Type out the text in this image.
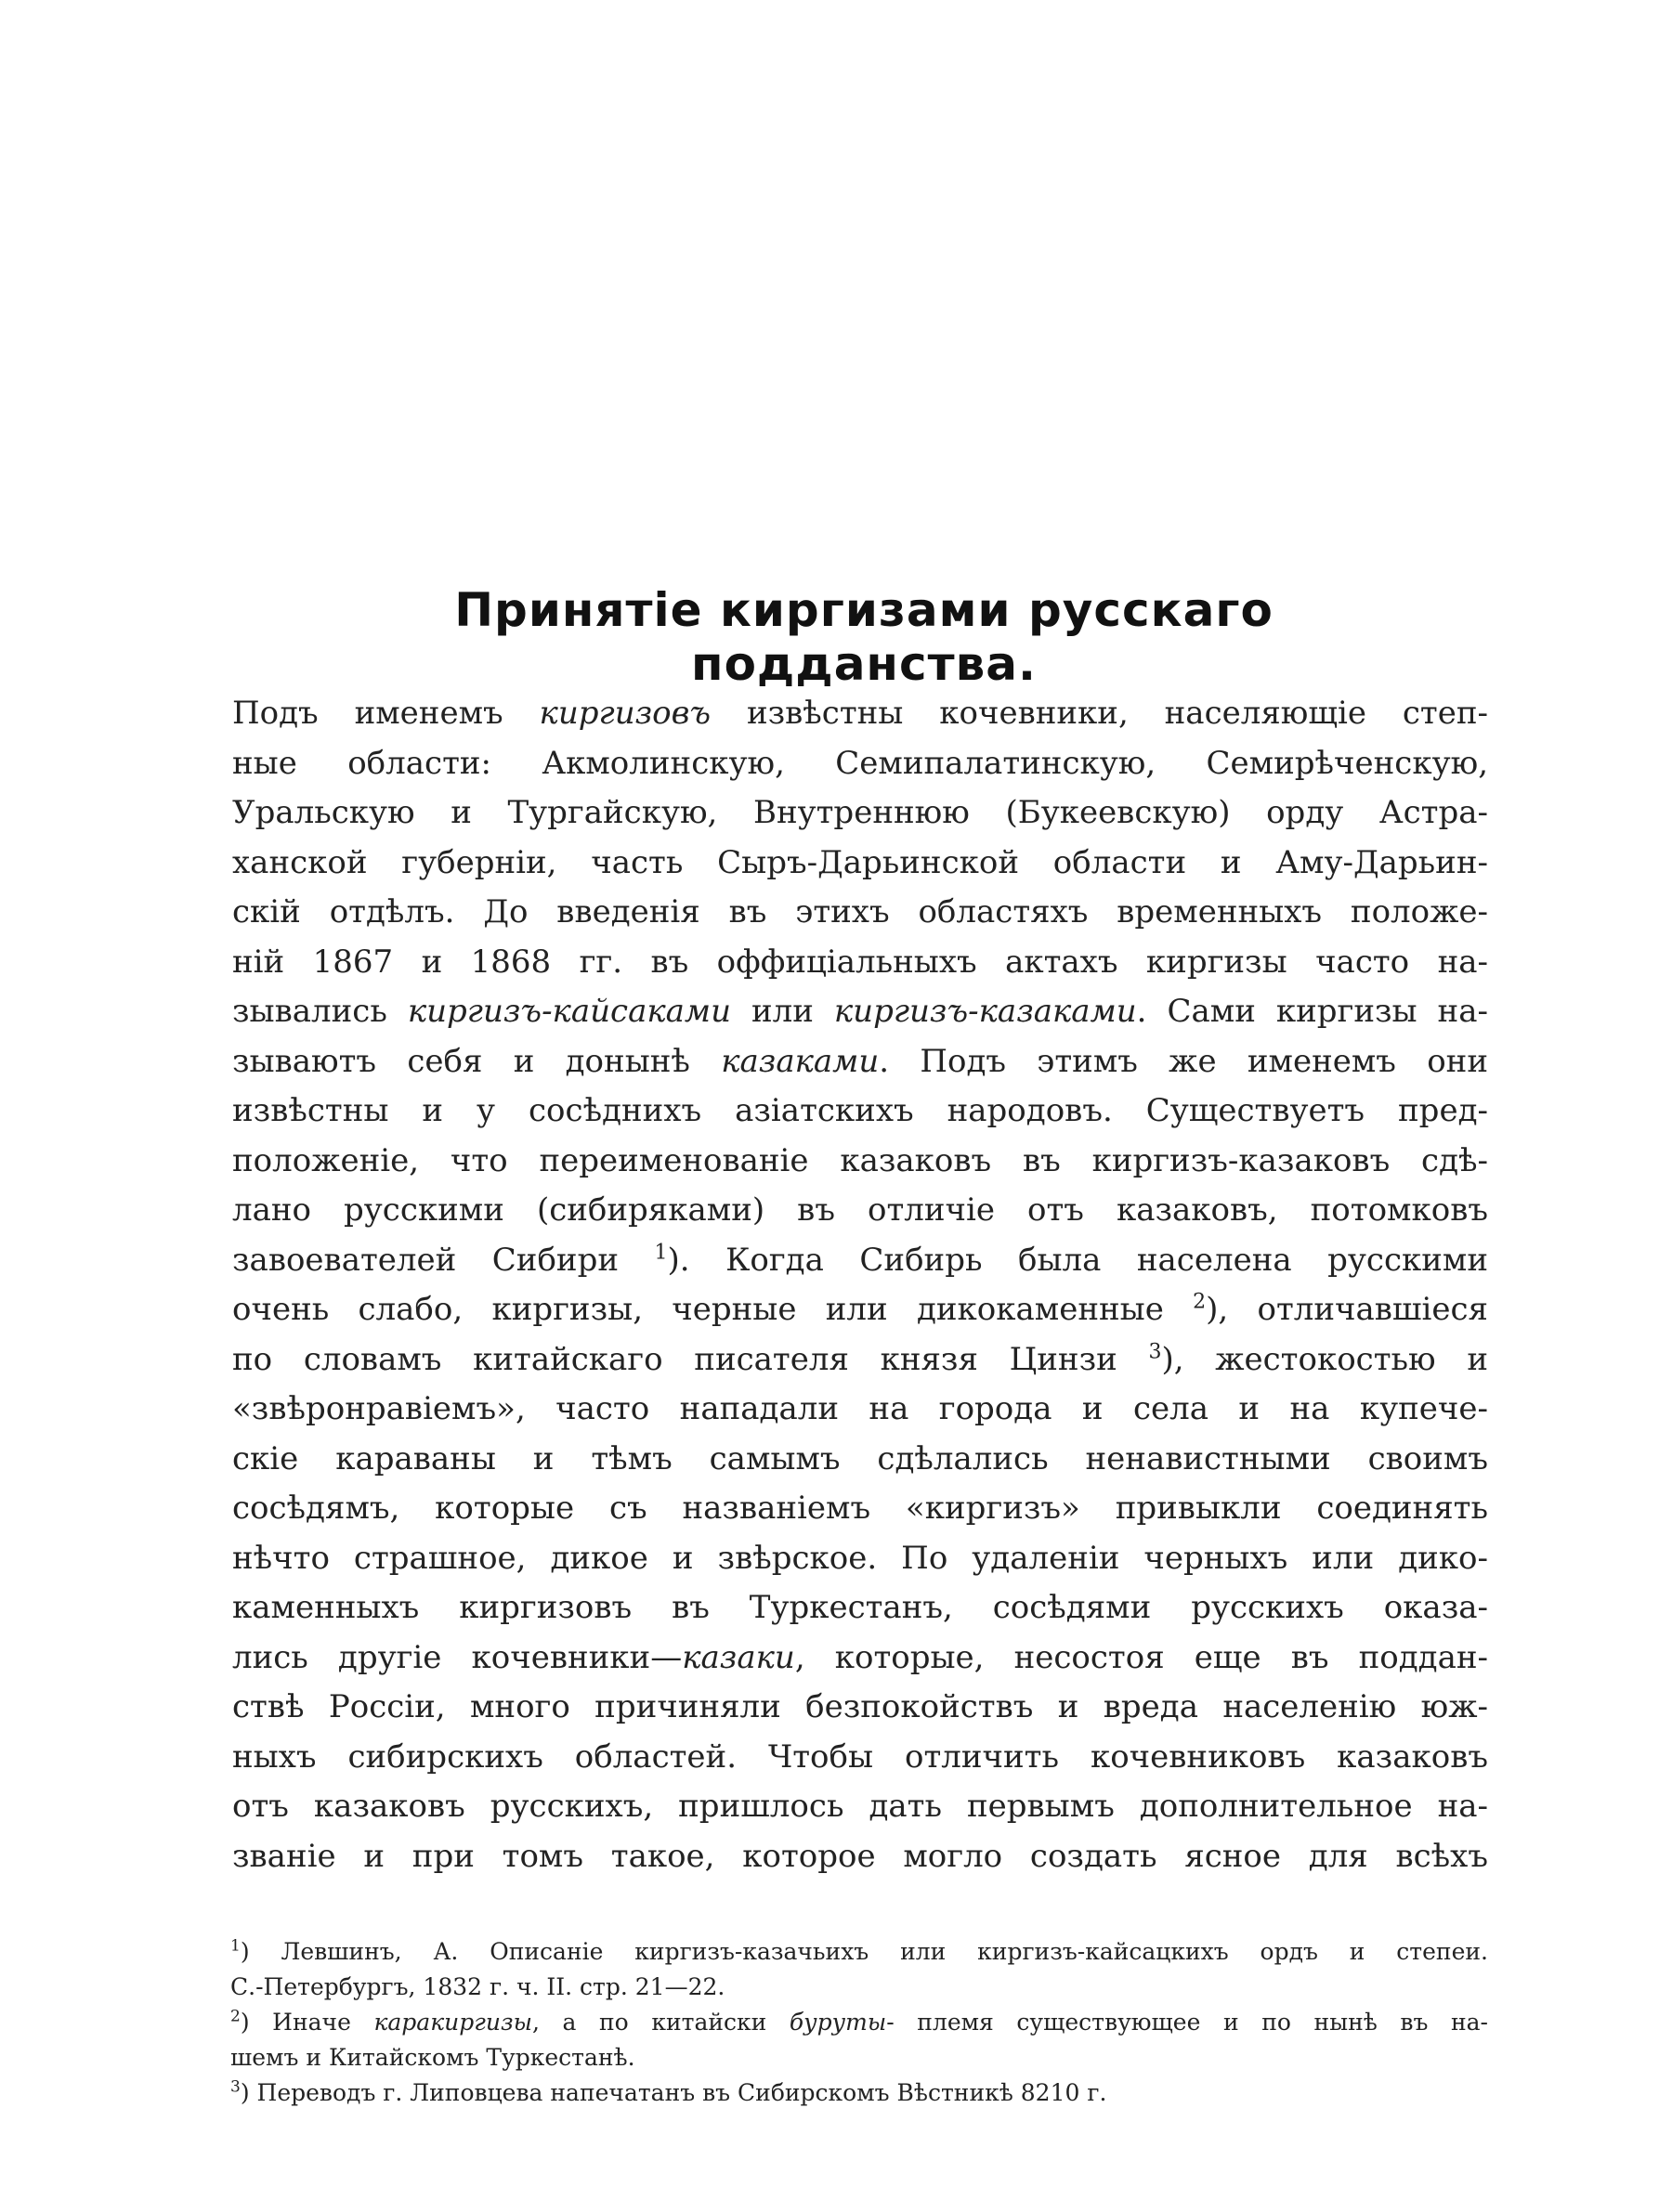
Принятіе киргизами русскаго подданства.
Подъ именемъ киргизовъ извѣстны кочевники, населяющіе степ-
ные области: Акмолинскую, Семипалатинскую, Семирѣченскую,
Уральскую и Тургайскую, Внутреннюю (Букеевскую) орду Астра-
ханской губерніи, часть Сыръ-Дарьинской области и Аму-Дарьин-
скій отдѣлъ. До введенія въ этихъ областяхъ временныхъ положе-
ній 1867 и 1868 гг. въ оффиціальныхъ актахъ киргизы часто на-
зывались киргизъ-кайсаками или киргизъ-казаками. Сами киргизы на-
зываютъ себя и донынѣ казаками. Подъ этимъ же именемъ они
извѣстны и у сосѣднихъ азіатскихъ народовъ. Существуетъ пред-
положеніе, что переименованіе казаковъ въ киргизъ-казаковъ сдѣ-
лано русскими (сибиряками) въ отличіе отъ казаковъ, потомковъ
завоевателей Сибири $^1$). Когда Сибирь была населена русскими
очень слабо, киргизы, черные или дикокаменные $^2$), отличавшіеся
по словамъ китайскаго писателя князя Цинзи $^3$), жестокостью и
«звѣронравіемъ», часто нападали на города и села и на купече-
скіе караваны и тѣмъ самымъ сдѣлались ненавистными своимъ
сосѣдямъ, которые съ названіемъ «киргизъ» привыкли соединять
нѣчто страшное, дикое и звѣрское. По удаленіи черныхъ или дико-
каменныхъ киргизовъ въ Туркестанъ, сосѣдями русскихъ оказа-
лись другіе кочевники—казаки, которые, несостоя еще въ поддан-
ствѣ Россіи, много причиняли безпокойствъ и вреда населенію юж-
ныхъ сибирскихъ областей. Чтобы отличить кочевниковъ казаковъ
отъ казаковъ русскихъ, пришлось дать первымъ дополнительное на-
званіе и при томъ такое, которое могло создать ясное для всѣхъ
$^1$) Левшинъ, А. Описаніе киргизъ-казачьихъ или киргизъ-кайсацкихъ ордъ и степеи.
С.-Петербургъ, 1832 г. ч. II. стр. 21—22.
$^2$) Иначе каракиргизы, а по китайски буруты- племя существующее и по нынѣ въ на-
шемъ и Китайскомъ Туркестанѣ.
$^3$) Переводъ г. Липовцева напечатанъ въ Сибирскомъ Вѣстникѣ 8210 г.
